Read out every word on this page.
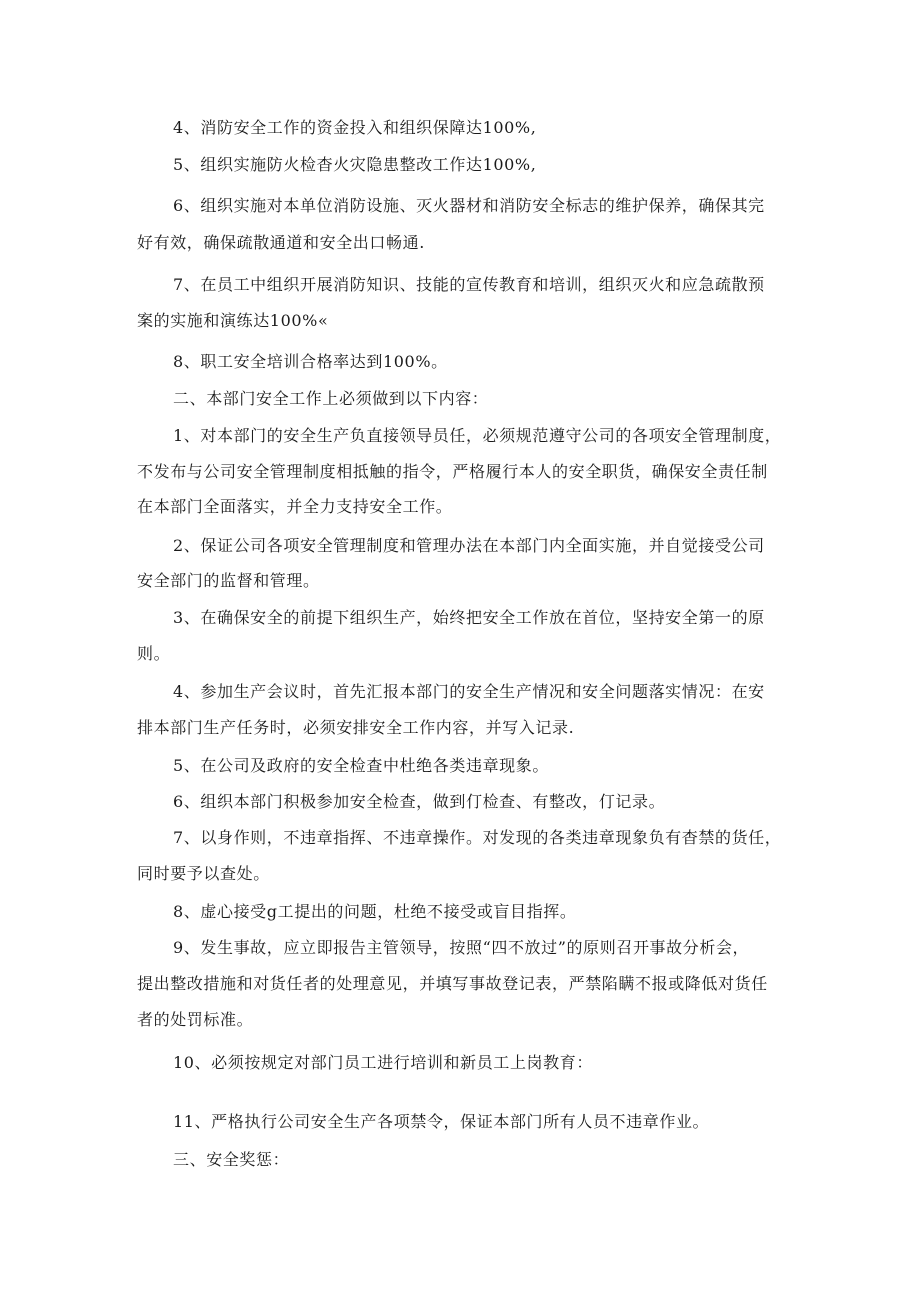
4、消防安全工作的资金投入和组织保障达100%,
5、组织实施防火检杳火灾隐患整改工作达100%,
6、组织实施对本单位消防设施、灭火器材和消防安全标志的维护保养，确保其完
好有效，确保疏散通道和安全出口畅通.
7、在员工中组织开展消防知识、技能的宣传教育和培训，组织灭火和应急疏散预
案的实施和演练达100%«
8、职工安全培训合格率达到100%。
二、本部门安全工作上必须做到以下内容：
1、对本部门的安全生产负直接领导员任，必须规范遵守公司的各项安全管理制度，
不发布与公司安全管理制度相抵触的指令，严格履行本人的安全职货，确保安全责任制
在本部门全面落实，并全力支持安全工作。
2、保证公司各项安全管理制度和管理办法在本部门内全面实施，并自觉接受公司
安全部门的监督和管理。
3、在确保安全的前提下组织生产，始终把安全工作放在首位，坚持安全第一的原
则。
4、参加生产会议时，首先汇报本部门的安全生产情况和安全问题落实情况：在安
排本部门生产任务时，必须安排安全工作内容，并写入记录.
5、在公司及政府的安全检查中杜绝各类违章现象。
6、组织本部门积极参加安全检查，做到仃检查、有整改，仃记录。
7、以身作则，不违章指挥、不违章操作。对发现的各类违章现象负有杳禁的货任，
同时要予以查处。
8、虚心接受g工提出的问题，杜绝不接受或盲目指挥。
9、发生事故，应立即报告主管领导，按照“四不放过”的原则召开事故分析会，
提出整改措施和对货任者的处理意见，并填写事故登记表，严禁陷瞒不报或降低对货任
者的处罚标准。
10、必须按规定对部门员工进行培训和新员工上岗教育：
11、严格执行公司安全生产各项禁令，保证本部门所有人员不违章作业。
三、安全奖惩：
